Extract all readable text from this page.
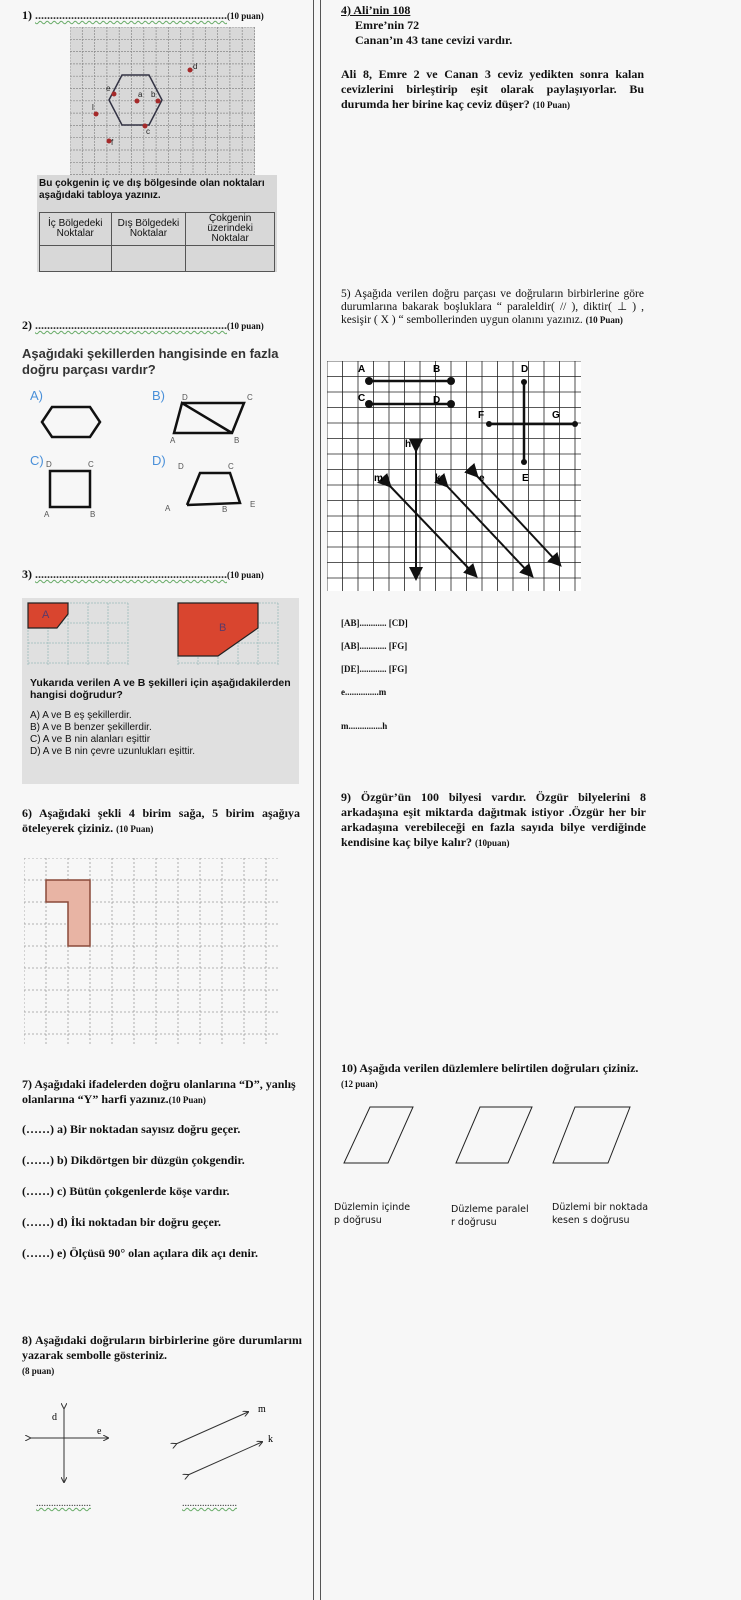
1) ................................................................(10 puan)
d
e
a b
l
c
f
Bu çokgenin iç ve dış bölgesinde olan noktaları aşağıdaki tabloya yazınız.
İç Bölgedeki Noktalar	Dış Bölgedeki Noktalar	Çokgenin üzerindeki Noktalar

2) ................................................................(10 puan)
Aşağıdaki şekillerden hangisinde en fazla doğru parçası vardır?
A)	B)
C)	D)
D	C
A	B
D	C
A	B
D	C
A	B
E
3) ................................................................(10 puan)
A
B
Yukarıda verilen A ve B şekilleri için aşağıdakilerden hangisi doğrudur?
A) A ve B eş şekillerdir.
B) A ve B benzer şekillerdir.
C) A ve B nin alanları eşittir
D) A ve B nin çevre uzunlukları eşittir.
6) Aşağıdaki şekli 4 birim sağa, 5 birim aşağıya öteleyerek çiziniz. (10 Puan)
7) Aşağıdaki ifadelerden doğru olanlarına “D”, yanlış olanlarına “Y” harfi yazınız.(10 Puan)
(……) a) Bir noktadan sayısız doğru geçer.
(……) b) Dikdörtgen bir düzgün çokgendir.
(……) c) Bütün çokgenlerde köşe vardır.
(……) d) İki noktadan bir doğru geçer.
(……) e) Ölçüsü 90° olan açılara dik açı denir.
8) Aşağıdaki doğruların birbirlerine göre durumlarını yazarak sembolle gösteriniz.
(8 puan)
d
e
m
k
......................	......................
4) Ali’nin 108
Emre’nin 72
Canan’ın 43 tane cevizi vardır.
Ali 8, Emre 2 ve Canan 3 ceviz yedikten sonra kalan cevizlerini birleştirip eşit olarak paylaşıyorlar. Bu durumda her birine kaç ceviz düşer? (10 Puan)
5) Aşağıda verilen doğru parçası ve doğruların birbirlerine göre durumlarına bakarak boşluklara “ paraleldir( // ), diktir( ⊥ ) , kesişir ( X ) “ sembollerinden uygun olanını yazınız. (10 Puan)
A	B
C	D
D
F	G
h
m	k	e	E
[AB]............ [CD]
[AB]............ [FG]
[DE]............ [FG]
e...............m
m...............h
9) Özgür’ün 100 bilyesi vardır. Özgür bilyelerini 8 arkadaşına eşit miktarda dağıtmak istiyor .Özgür her bir arkadaşına verebileceği en fazla sayıda bilye verdiğinde kendisine kaç bilye kalır? (10puan)
10) Aşağıda verilen düzlemlere belirtilen doğruları çiziniz. (12 puan)
Düzlemin içinde
p doğrusu
Düzleme paralel
r doğrusu
Düzlemi bir noktada
kesen s doğrusu
